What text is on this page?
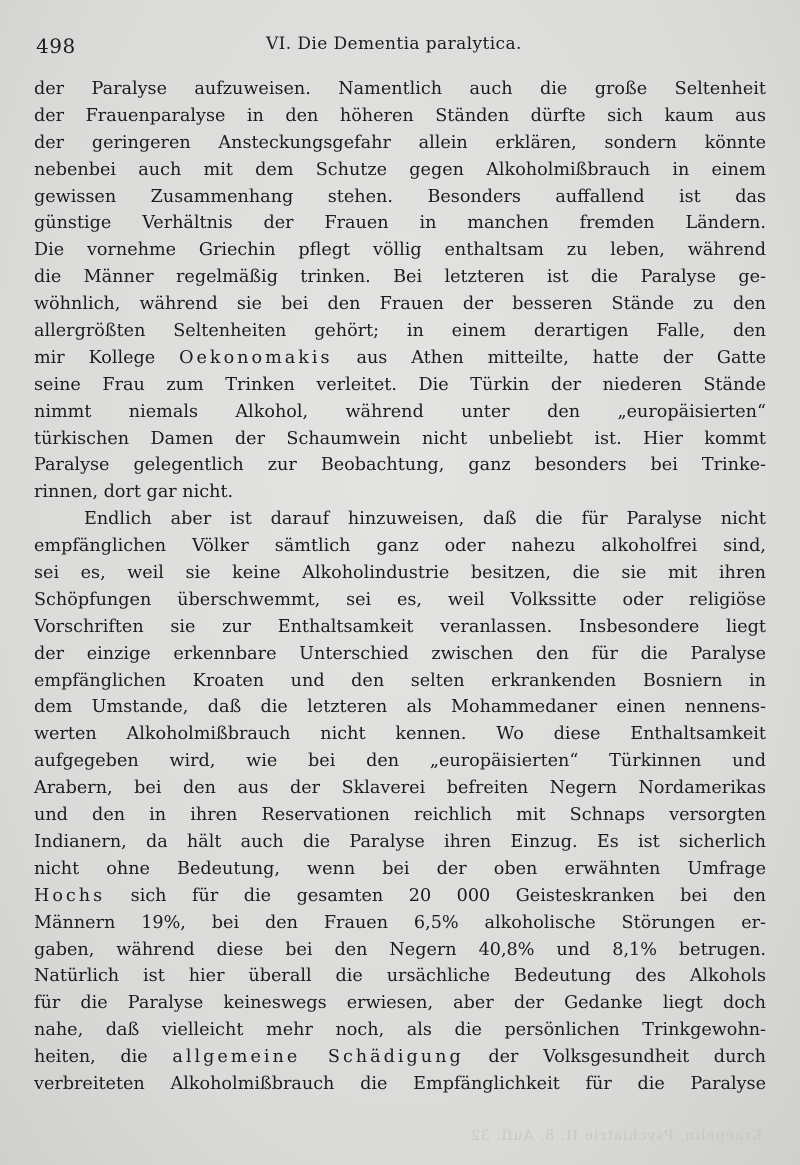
498	VI. Die Dementia paralytica.
der Paralyse aufzuweisen. Namentlich auch die große Seltenheit
der Frauenparalyse in den höheren Ständen dürfte sich kaum aus
der geringeren Ansteckungsgefahr allein erklären, sondern könnte
nebenbei auch mit dem Schutze gegen Alkoholmißbrauch in einem
gewissen Zusammenhang stehen. Besonders auffallend ist das
günstige Verhältnis der Frauen in manchen fremden Ländern.
Die vornehme Griechin pflegt völlig enthaltsam zu leben, während
die Männer regelmäßig trinken. Bei letzteren ist die Paralyse ge-
wöhnlich, während sie bei den Frauen der besseren Stände zu den
allergrößten Seltenheiten gehört; in einem derartigen Falle, den
mir Kollege Oekonomakis aus Athen mitteilte, hatte der Gatte
seine Frau zum Trinken verleitet. Die Türkin der niederen Stände
nimmt niemals Alkohol, während unter den „europäisierten“
türkischen Damen der Schaumwein nicht unbeliebt ist. Hier kommt
Paralyse gelegentlich zur Beobachtung, ganz besonders bei Trinke-
rinnen, dort gar nicht.
Endlich aber ist darauf hinzuweisen, daß die für Paralyse nicht
empfänglichen Völker sämtlich ganz oder nahezu alkoholfrei sind,
sei es, weil sie keine Alkoholindustrie besitzen, die sie mit ihren
Schöpfungen überschwemmt, sei es, weil Volkssitte oder religiöse
Vorschriften sie zur Enthaltsamkeit veranlassen. Insbesondere liegt
der einzige erkennbare Unterschied zwischen den für die Paralyse
empfänglichen Kroaten und den selten erkrankenden Bosniern in
dem Umstande, daß die letzteren als Mohammedaner einen nennens-
werten Alkoholmißbrauch nicht kennen. Wo diese Enthaltsamkeit
aufgegeben wird, wie bei den „europäisierten“ Türkinnen und
Arabern, bei den aus der Sklaverei befreiten Negern Nordamerikas
und den in ihren Reservationen reichlich mit Schnaps versorgten
Indianern, da hält auch die Paralyse ihren Einzug. Es ist sicherlich
nicht ohne Bedeutung, wenn bei der oben erwähnten Umfrage
Hochs sich für die gesamten 20 000 Geisteskranken bei den
Männern 19%, bei den Frauen 6,5% alkoholische Störungen er-
gaben, während diese bei den Negern 40,8% und 8,1% betrugen.
Natürlich ist hier überall die ursächliche Bedeutung des Alkohols
für die Paralyse keineswegs erwiesen, aber der Gedanke liegt doch
nahe, daß vielleicht mehr noch, als die persönlichen Trinkgewohn-
heiten, die allgemeine Schädigung der Volksgesundheit durch
verbreiteten Alkoholmißbrauch die Empfänglichkeit für die Paralyse
Kraepelin, Psychiatrie II. 8. Aufl. 32
